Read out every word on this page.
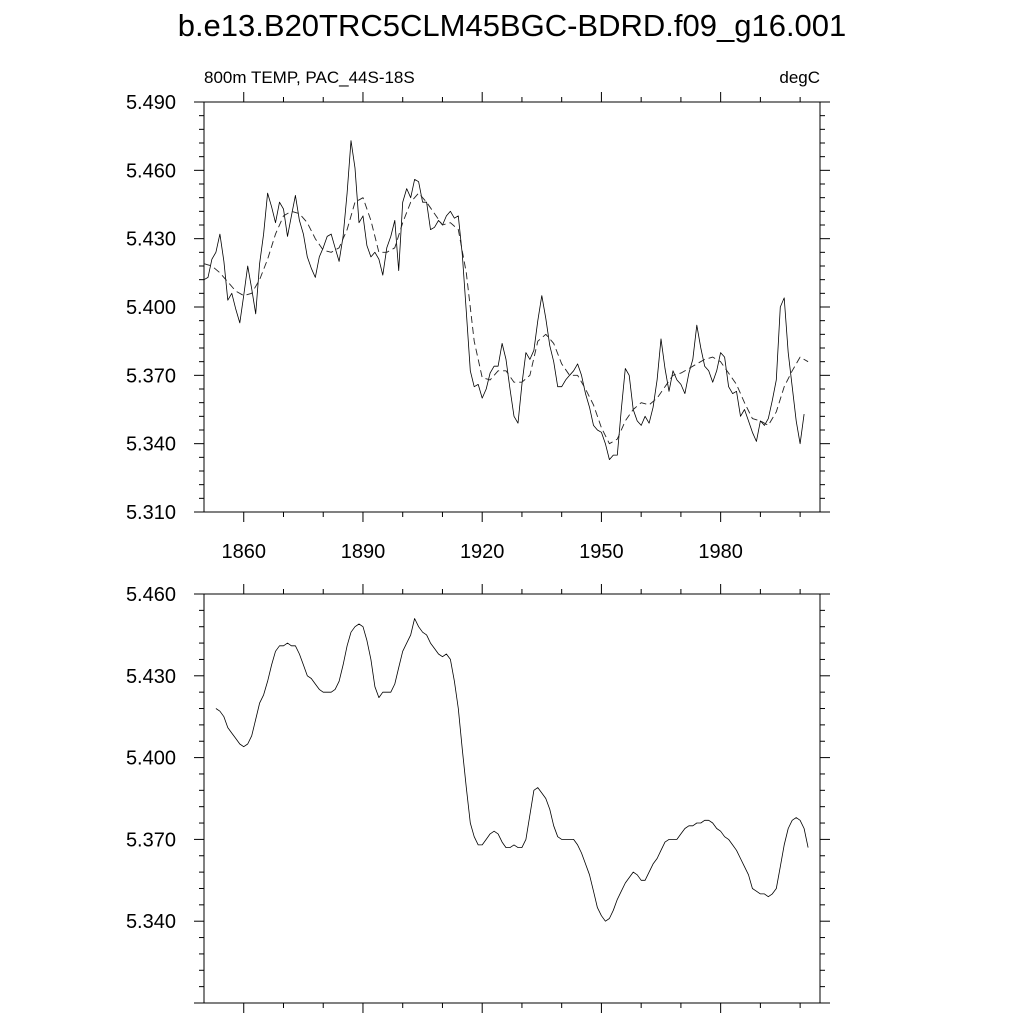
b.e13.B20TRC5CLM45BGC-BDRD.f09_g16.001
800m TEMP, PAC_44S-18S	degC
1860	1890	1920	1950	1980
5.310
5.340
5.370
5.400
5.430
5.460
5.490
5.340
5.370
5.400
5.430
5.460
